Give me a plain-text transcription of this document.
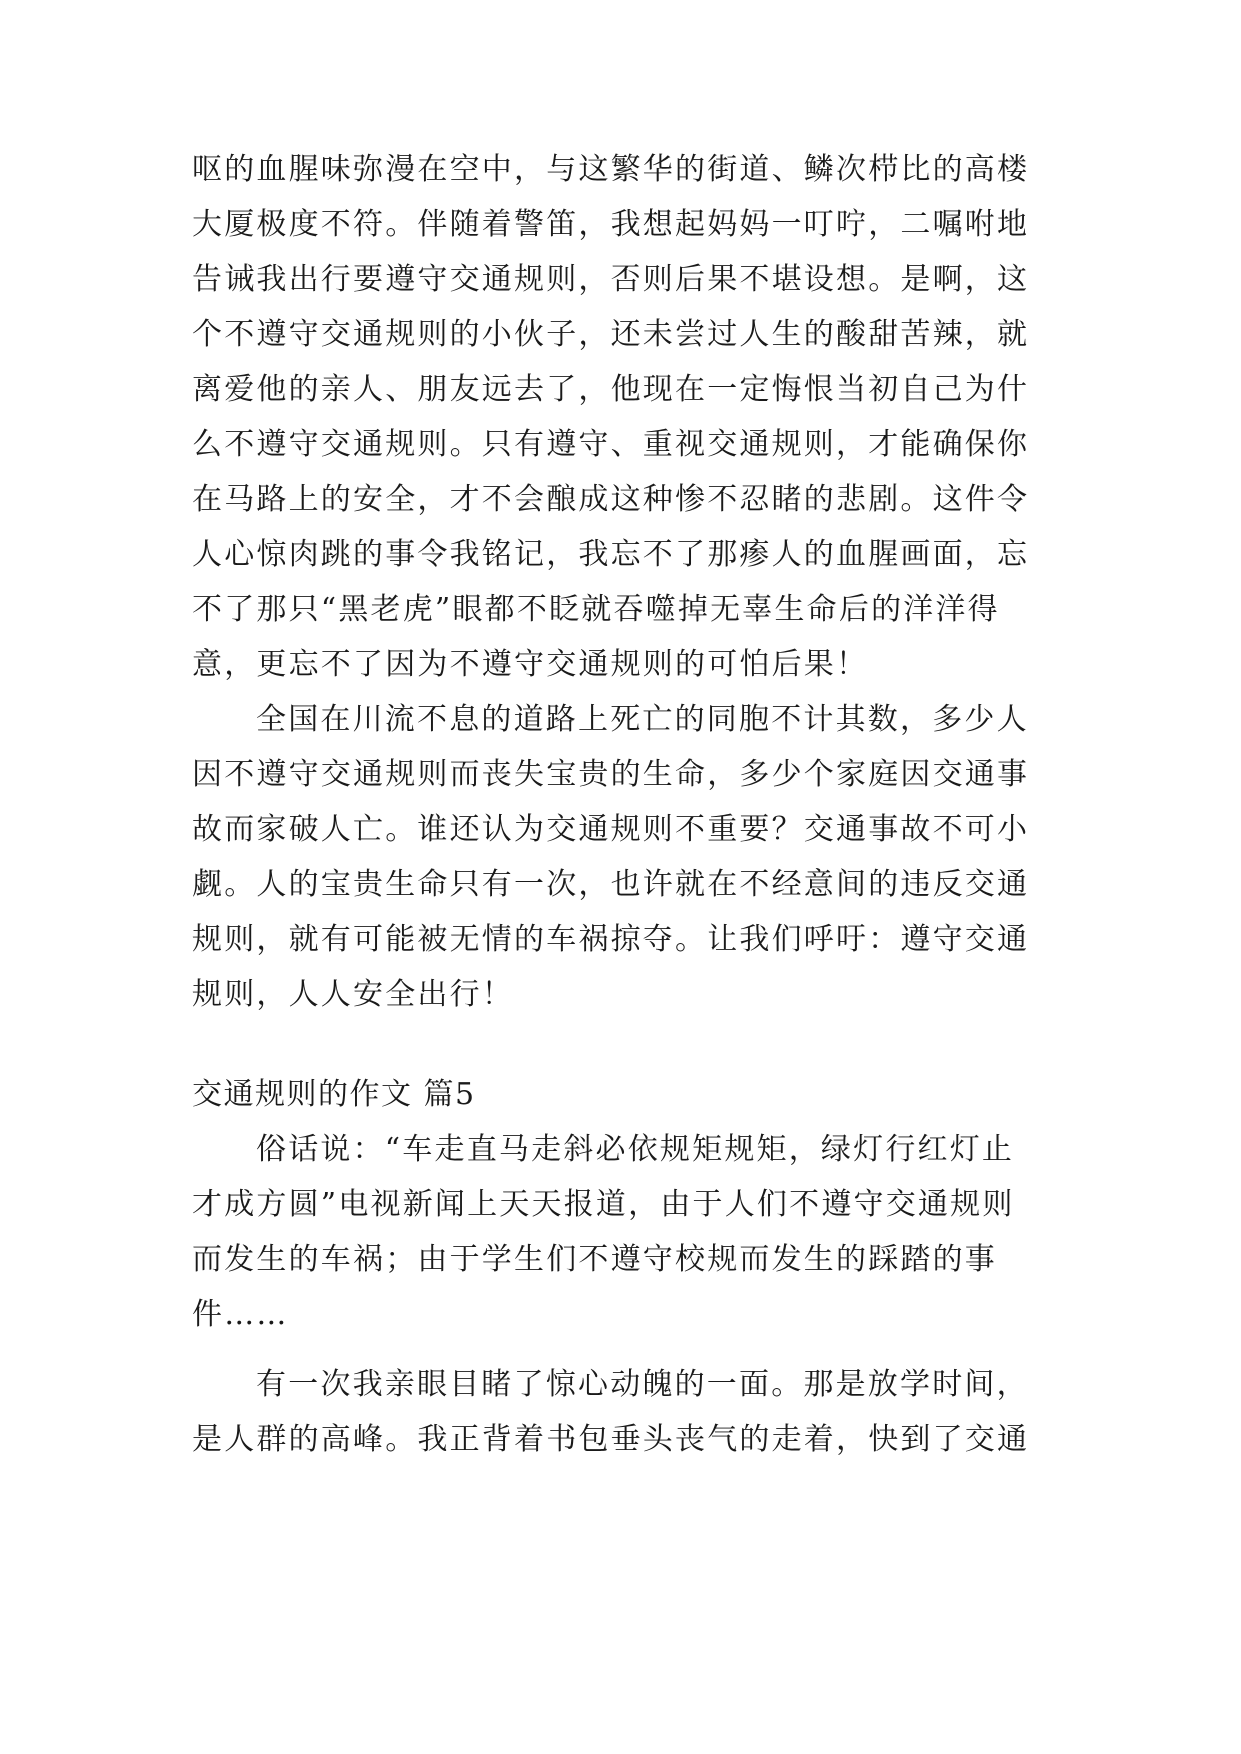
呕的血腥味弥漫在空中，与这繁华的街道、鳞次栉比的高楼
大厦极度不符。伴随着警笛，我想起妈妈一叮咛，二嘱咐地
告诫我出行要遵守交通规则，否则后果不堪设想。是啊，这
个不遵守交通规则的小伙子，还未尝过人生的酸甜苦辣，就
离爱他的亲人、朋友远去了，他现在一定悔恨当初自己为什
么不遵守交通规则。只有遵守、重视交通规则，才能确保你
在马路上的安全，才不会酿成这种惨不忍睹的悲剧。这件令
人心惊肉跳的事令我铭记，我忘不了那瘆人的血腥画面，忘
不了那只“黑老虎”眼都不眨就吞噬掉无辜生命后的洋洋得
意，更忘不了因为不遵守交通规则的可怕后果！
全国在川流不息的道路上死亡的同胞不计其数，多少人
因不遵守交通规则而丧失宝贵的生命，多少个家庭因交通事
故而家破人亡。谁还认为交通规则不重要？交通事故不可小
觑。人的宝贵生命只有一次，也许就在不经意间的违反交通
规则，就有可能被无情的车祸掠夺。让我们呼吁：遵守交通
规则，人人安全出行！
交通规则的作文 篇5
俗话说：“车走直马走斜必依规矩规矩，绿灯行红灯止
才成方圆”电视新闻上天天报道，由于人们不遵守交通规则
而发生的车祸；由于学生们不遵守校规而发生的踩踏的事
件……
有一次我亲眼目睹了惊心动魄的一面。那是放学时间，
是人群的高峰。我正背着书包垂头丧气的走着，快到了交通
